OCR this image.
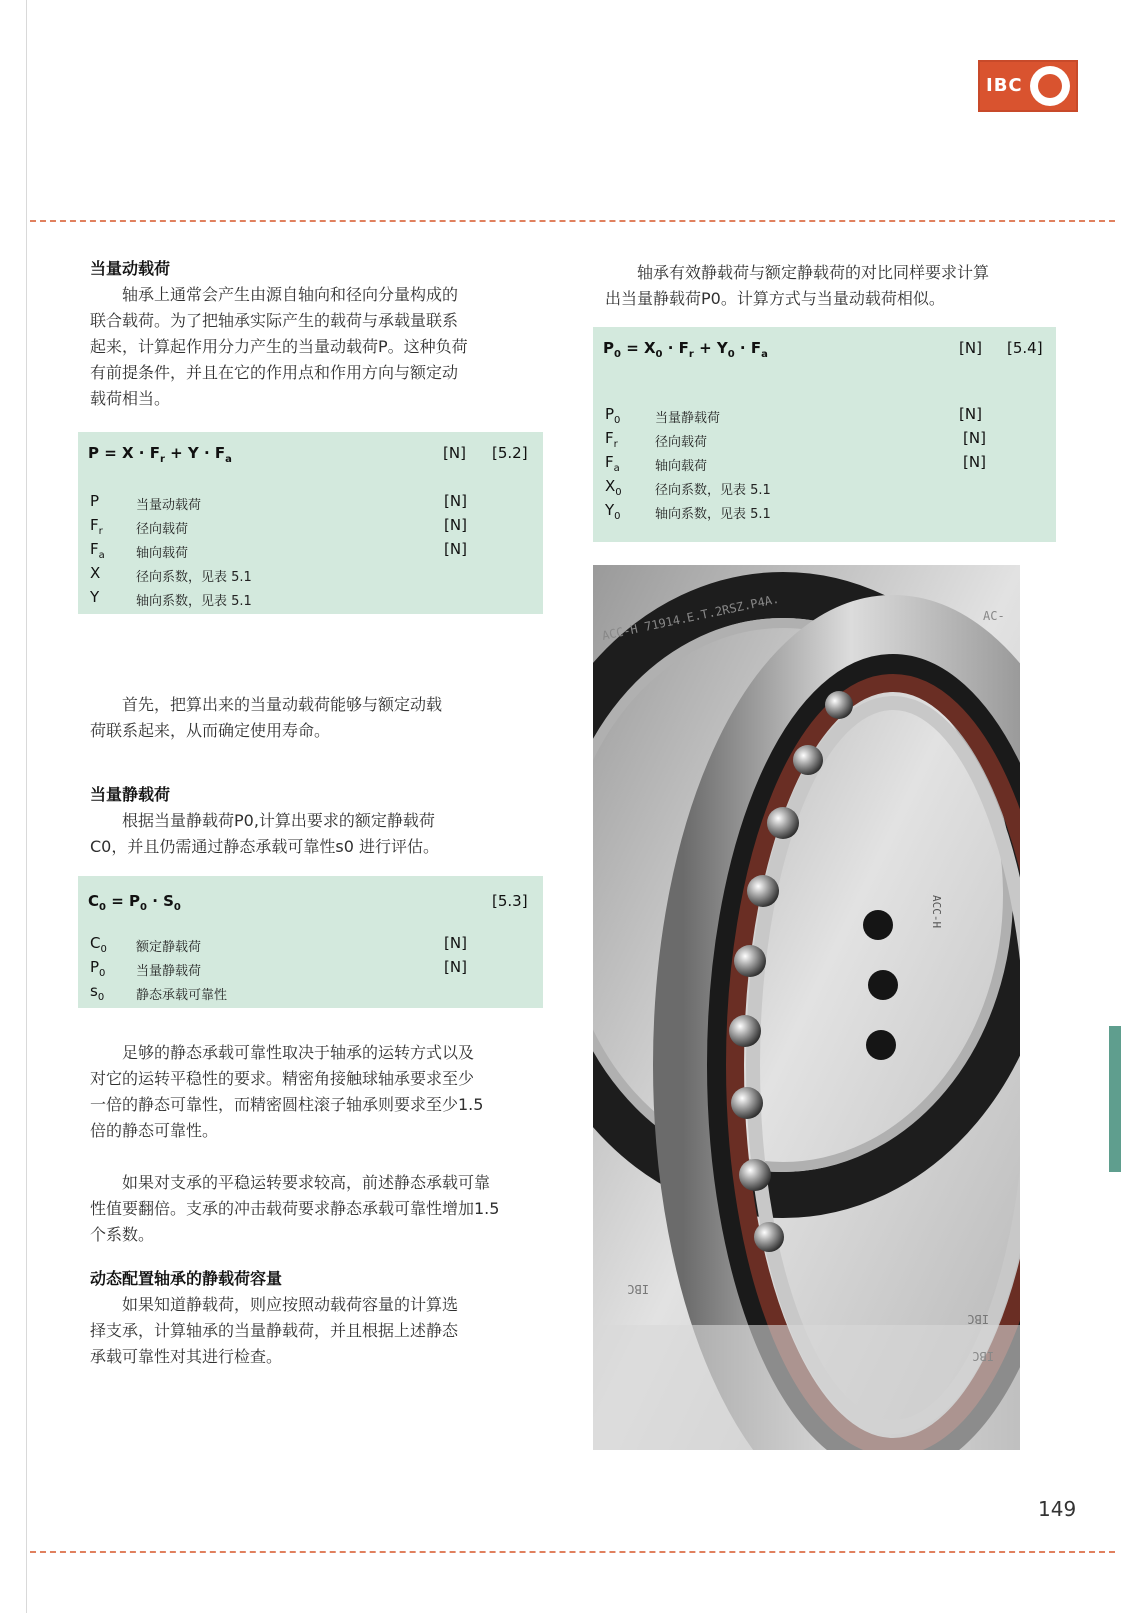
IBC
当量动载荷
　　轴承上通常会产生由源自轴向和径向分量构成的
联合载荷。为了把轴承实际产生的载荷与承载量联系
起来，计算起作用分力产生的当量动载荷P。这种负荷
有前提条件，并且在它的作用点和作用方向与额定动
载荷相当。
$P = X \cdot F_r + Y \cdot F_a$	[N] [5.2]
P	当量动载荷	[N]
$F_r$	径向载荷	[N]
$F_a$ 轴向载荷	[N]
X	径向系数，见表 5.1
Y	轴向系数，见表 5.1
　　首先，把算出来的当量动载荷能够与额定动载
荷联系起来，从而确定使用寿命。
当量静载荷
　　根据当量静载荷P0,计算出要求的额定静载荷
C0，并且仍需通过静态承载可靠性s0 进行评估。
$C_0 = P_0 \cdot S_0$	[5.3]
$C_0$ 额定静载荷	[N]
$P_0$ 当量静载荷	[N]
$s_0$ 静态承载可靠性
　　足够的静态承载可靠性取决于轴承的运转方式以及
对它的运转平稳性的要求。精密角接触球轴承要求至少
一倍的静态可靠性，而精密圆柱滚子轴承则要求至少1.5
倍的静态可靠性。
　　如果对支承的平稳运转要求较高，前述静态承载可靠
性值要翻倍。支承的冲击载荷要求静态承载可靠性增加1.5
个系数。
动态配置轴承的静载荷容量
　　如果知道静载荷，则应按照动载荷容量的计算选
择支承，计算轴承的当量静载荷，并且根据上述静态
承载可靠性对其进行检查。
　　轴承有效静载荷与额定静载荷的对比同样要求计算
出当量静载荷P0。计算方式与当量动载荷相似。
$P_0 = X_0 \cdot F_r + Y_0 \cdot F_a$	[N] [5.4]
$P_0$	当量静载荷	[N]
$F_r$	径向载荷	[N]
$F_a$	轴向载荷	[N]
$X_0$	径向系数，见表 5.1
$Y_0$	轴向系数，见表 5.1
ACC-H 71914.E.T.2RSZ.P4A.	AC-
IBC
IBC
IBC
ACC-H
149
